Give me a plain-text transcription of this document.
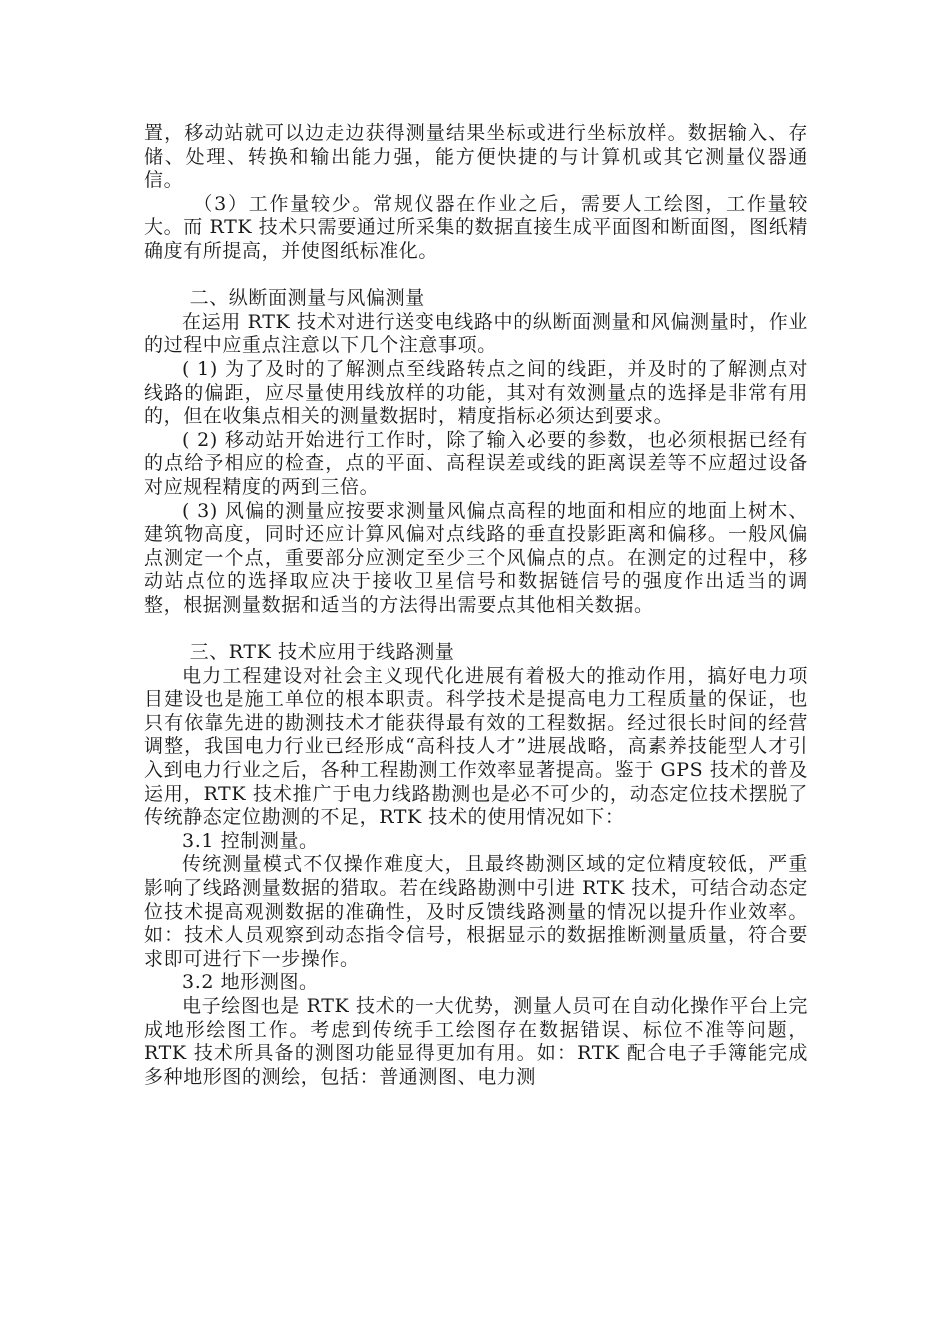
置，移动站就可以边走边获得测量结果坐标或进行坐标放样。数据输入、存储、处理、转换和输出能力强，能方便快捷的与计算机或其它测量仪器通信。

（3）工作量较少。常规仪器在作业之后，需要人工绘图，工作量较大。而 RTK 技术只需要通过所采集的数据直接生成平面图和断面图，图纸精确度有所提高，并使图纸标准化。

二、纵断面测量与风偏测量

在运用 RTK 技术对进行送变电线路中的纵断面测量和风偏测量时，作业的过程中应重点注意以下几个注意事项。

( 1) 为了及时的了解测点至线路转点之间的线距，并及时的了解测点对线路的偏距，应尽量使用线放样的功能，其对有效测量点的选择是非常有用的，但在收集点相关的测量数据时，精度指标必须达到要求。

( 2) 移动站开始进行工作时，除了输入必要的参数，也必须根据已经有的点给予相应的检查，点的平面、高程误差或线的距离误差等不应超过设备对应规程精度的两到三倍。

( 3) 风偏的测量应按要求测量风偏点高程的地面和相应的地面上树木、建筑物高度，同时还应计算风偏对点线路的垂直投影距离和偏移。一般风偏点测定一个点，重要部分应测定至少三个风偏点的点。在测定的过程中，移动站点位的选择取应决于接收卫星信号和数据链信号的强度作出适当的调整，根据测量数据和适当的方法得出需要点其他相关数据。

三、RTK 技术应用于线路测量

电力工程建设对社会主义现代化进展有着极大的推动作用，搞好电力项目建设也是施工单位的根本职责。科学技术是提高电力工程质量的保证，也只有依靠先进的勘测技术才能获得最有效的工程数据。经过很长时间的经营调整，我国电力行业已经形成“高科技人才”进展战略，高素养技能型人才引入到电力行业之后，各种工程勘测工作效率显著提高。鉴于 GPS 技术的普及运用，RTK 技术推广于电力线路勘测也是必不可少的，动态定位技术摆脱了传统静态定位勘测的不足，RTK 技术的使用情况如下：

3.1 控制测量。

传统测量模式不仅操作难度大，且最终勘测区域的定位精度较低，严重影响了线路测量数据的猎取。若在线路勘测中引进 RTK 技术，可结合动态定位技术提高观测数据的准确性，及时反馈线路测量的情况以提升作业效率。如：技术人员观察到动态指令信号，根据显示的数据推断测量质量，符合要求即可进行下一步操作。

3.2 地形测图。

电子绘图也是 RTK 技术的一大优势，测量人员可在自动化操作平台上完成地形绘图工作。考虑到传统手工绘图存在数据错误、标位不准等问题，RTK 技术所具备的测图功能显得更加有用。如：RTK 配合电子手簿能完成多种地形图的测绘，包括：普通测图、电力测
